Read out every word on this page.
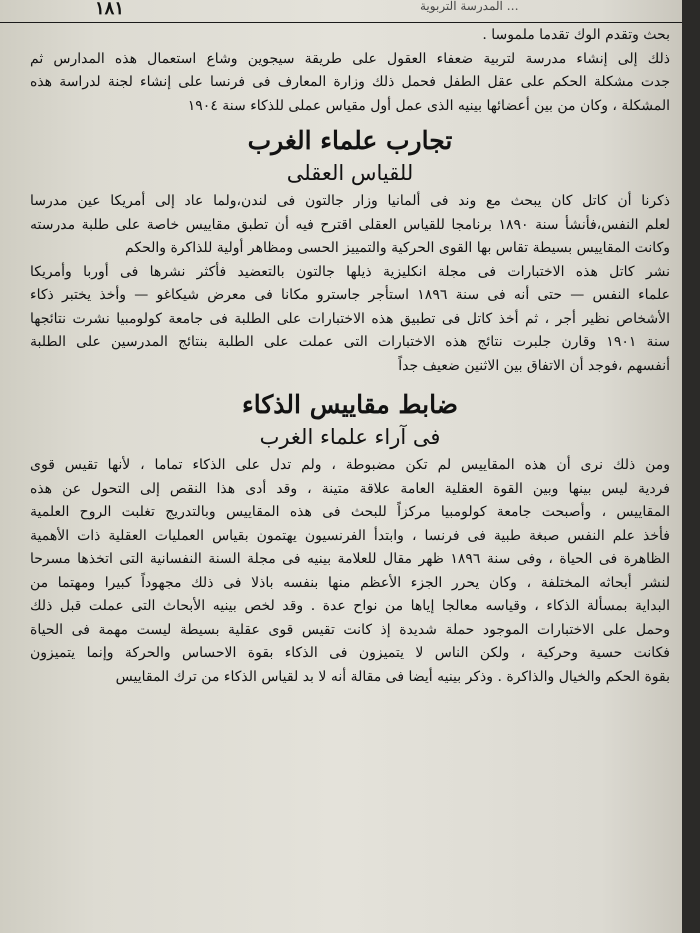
١٨١	… المدرسة التربوية
بحث وتقدم الوك تقدما ملموسا .
ذلك إلى إنشاء مدرسة لتربية ضعفاء العقول على طريقة سيجوين وشاع استعمال هذه المدارس ثم
جدت مشكلة الحكم على عقل الطفل فحمل ذلك وزارة المعارف فى فرنسا على إنشاء لجنة لدراسة هذه
المشكلة ، وكان من بين أعضائها بينيه الذى عمل أول مقياس عملى للذكاء سنة ١٩٠٤
تجارب علماء الغرب
للقياس العقلى
ذكرنا أن كاتل كان يبحث مع وند فى ألمانيا وزار جالتون فى لندن،ولما عاد إلى أمريكا عين مدرسا
لعلم النفس،فأنشأ سنة ١٨٩٠ برنامجا للقياس العقلى اقترح فيه أن تطبق مقاييس خاصة على طلبة مدرسته
وكانت المقاييس بسيطة تقاس بها القوى الحركية والتمييز الحسى ومظاهر أولية للذاكرة والحكم
نشر كاتل هذه الاختبارات فى مجلة انكليزية ذيلها جالتون بالتعضيد فأكثر نشرها فى أوربا وأمريكا
علماء النفس — حتى أنه فى سنة ١٨٩٦ استأجر جاسترو مكانا فى معرض شيكاغو — وأخذ يختبر ذكاء
الأشخاص نظير أجر ، ثم أخذ كاتل فى تطبيق هذه الاختبارات على الطلبة فى جامعة كولومبيا نشرت نتائجها
سنة ١٩٠١ وقارن جلبرت نتائج هذه الاختبارات التى عملت على الطلبة بنتائج المدرسين على الطلبة
أنفسهم ،فوجد أن الاتفاق بين الاثنين ضعيف جداً
ضابط مقاييس الذكاء
فى آراء علماء الغرب
ومن ذلك نرى أن هذه المقاييس لم تكن مضبوطة ، ولم تدل على الذكاء تماما ، لأنها تقيس قوى
فردية ليس بينها وبين القوة العقلية العامة علاقة متينة ، وقد أدى هذا النقص إلى التحول عن هذه
المقاييس ، وأصبحت جامعة كولومبيا مركزاً للبحث فى هذه المقاييس وبالتدريج تغلبت الروح العلمية
فأخذ علم النفس صبغة طبية فى فرنسا ، وابتدأ الفرنسيون يهتمون بقياس العمليات العقلية ذات الأهمية
الظاهرة فى الحياة ، وفى سنة ١٨٩٦ ظهر مقال للعلامة بينيه فى مجلة السنة النفسانية التى اتخذها مسرحا
لنشر أبحاثه المختلفة ، وكان يحرر الجزء الأعظم منها بنفسه باذلا فى ذلك مجهوداً كبيرا ومهتما من
البداية بمسألة الذكاء ، وقياسه معالجا إياها من نواح عدة . وقد لخص بينيه الأبحاث التى عملت قبل ذلك
وحمل على الاختبارات الموجود حملة شديدة إذ كانت تقيس قوى عقلية بسيطة ليست مهمة فى الحياة
فكانت حسية وحركية ، ولكن الناس لا يتميزون فى الذكاء بقوة الاحساس والحركة وإنما يتميزون
بقوة الحكم والخيال والذاكرة . وذكر بينيه أيضا فى مقالة أنه لا بد لقياس الذكاء من ترك المقاييس
